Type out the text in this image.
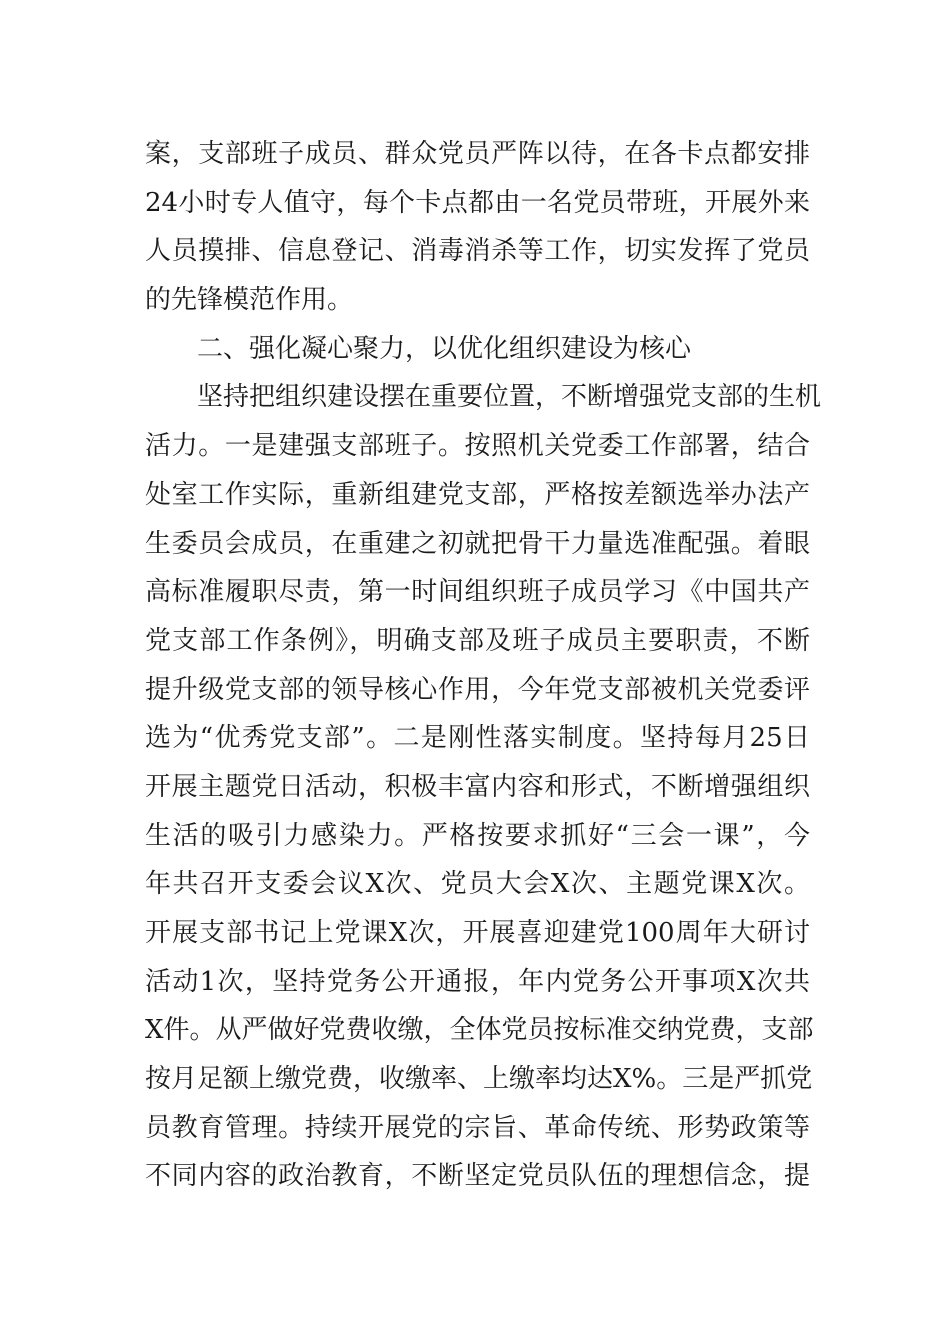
案，支部班子成员、群众党员严阵以待，在各卡点都安排
24小时专人值守，每个卡点都由一名党员带班，开展外来
人员摸排、信息登记、消毒消杀等工作，切实发挥了党员
的先锋模范作用。
二、强化凝心聚力，以优化组织建设为核心
坚持把组织建设摆在重要位置，不断增强党支部的生机
活力。一是建强支部班子。按照机关党委工作部署，结合
处室工作实际，重新组建党支部，严格按差额选举办法产
生委员会成员，在重建之初就把骨干力量选准配强。着眼
高标准履职尽责，第一时间组织班子成员学习《中国共产
党支部工作条例》，明确支部及班子成员主要职责，不断
提升级党支部的领导核心作用，今年党支部被机关党委评
选为“优秀党支部”。二是刚性落实制度。坚持每月25日
开展主题党日活动，积极丰富内容和形式，不断增强组织
生活的吸引力感染力。严格按要求抓好“三会一课”，今
年共召开支委会议X次、党员大会X次、主题党课X次。
开展支部书记上党课X次，开展喜迎建党100周年大研讨
活动1次，坚持党务公开通报，年内党务公开事项X次共
X件。从严做好党费收缴，全体党员按标准交纳党费，支部
按月足额上缴党费，收缴率、上缴率均达X%。三是严抓党
员教育管理。持续开展党的宗旨、革命传统、形势政策等
不同内容的政治教育，不断坚定党员队伍的理想信念，提
